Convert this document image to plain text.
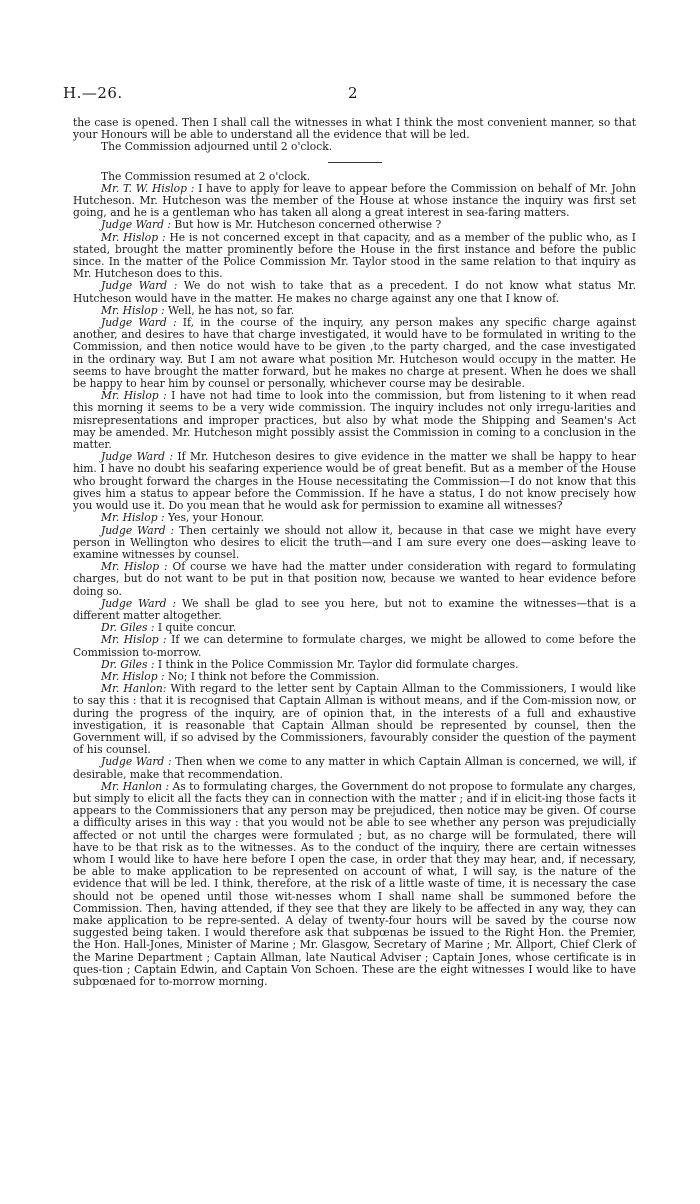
H.—26.	2

the case is opened. Then I shall call the witnesses in what I think the most convenient manner, so that your Honours will be able to understand all the evidence that will be led.

The Commission adjourned until 2 o'clock.

The Commission resumed at 2 o'clock.

Mr. T. W. Hislop : I have to apply for leave to appear before the Commission on behalf of Mr. John Hutcheson. Mr. Hutcheson was the member of the House at whose instance the inquiry was first set going, and he is a gentleman who has taken all along a great interest in sea-faring matters.

Judge Ward : But how is Mr. Hutcheson concerned otherwise ?

Mr. Hislop : He is not concerned except in that capacity, and as a member of the public who, as I stated, brought the matter prominently before the House in the first instance and before the public since. In the matter of the Police Commission Mr. Taylor stood in the same relation to that inquiry as Mr. Hutcheson does to this.

Judge Ward : We do not wish to take that as a precedent. I do not know what status Mr. Hutcheson would have in the matter. He makes no charge against any one that I know of.

Mr. Hislop : Well, he has not, so far.

Judge Ward : If, in the course of the inquiry, any person makes any specific charge against another, and desires to have that charge investigated, it would have to be formulated in writing to the Commission, and then notice would have to be given ,to the party charged, and the case investigated in the ordinary way. But I am not aware what position Mr. Hutcheson would occupy in the matter. He seems to have brought the matter forward, but he makes no charge at present. When he does we shall be happy to hear him by counsel or personally, whichever course may be desirable.

Mr. Hislop : I have not had time to look into the commission, but from listening to it when read this morning it seems to be a very wide commission. The inquiry includes not only irregu-larities and misrepresentations and improper practices, but also by what mode the Shipping and Seamen's Act may be amended. Mr. Hutcheson might possibly assist the Commission in coming to a conclusion in the matter.

Judge Ward : If Mr. Hutcheson desires to give evidence in the matter we shall be happy to hear him. I have no doubt his seafaring experience would be of great benefit. But as a member of the House who brought forward the charges in the House necessitating the Commission—I do not know that this gives him a status to appear before the Commission. If he have a status, I do not know precisely how you would use it. Do you mean that he would ask for permission to examine all witnesses?

Mr. Hislop : Yes, your Honour.

Judge Ward : Then certainly we should not allow it, because in that case we might have every person in Wellington who desires to elicit the truth—and I am sure every one does—asking leave to examine witnesses by counsel.

Mr. Hislop : Of course we have had the matter under consideration with regard to formulating charges, but do not want to be put in that position now, because we wanted to hear evidence before doing so.

Judge Ward : We shall be glad to see you here, but not to examine the witnesses—that is a different matter altogether.

Dr. Giles : I quite concur.

Mr. Hislop : If we can determine to formulate charges, we might be allowed to come before the Commission to-morrow.

Dr. Giles : I think in the Police Commission Mr. Taylor did formulate charges.

Mr. Hislop : No; I think not before the Commission.

Mr. Hanlon: With regard to the letter sent by Captain Allman to the Commissioners, I would like to say this : that it is recognised that Captain Allman is without means, and if the Com-mission now, or during the progress of the inquiry, are of opinion that, in the interests of a full and exhaustive investigation, it is reasonable that Captain Allman should be represented by counsel, then the Government will, if so advised by the Commissioners, favourably consider the question of the payment of his counsel.

Judge Ward : Then when we come to any matter in which Captain Allman is concerned, we will, if desirable, make that recommendation.

Mr. Hanlon : As to formulating charges, the Government do not propose to formulate any charges, but simply to elicit all the facts they can in connection with the matter ; and if in elicit-ing those facts it appears to the Commissioners that any person may be prejudiced, then notice may be given. Of course a difficulty arises in this way : that you would not be able to see whether any person was prejudicially affected or not until the charges were formulated ; but, as no charge will be formulated, there will have to be that risk as to the witnesses. As to the conduct of the inquiry, there are certain witnesses whom I would like to have here before I open the case, in order that they may hear, and, if necessary, be able to make application to be represented on account of what, I will say, is the nature of the evidence that will be led. I think, therefore, at the risk of a little waste of time, it is necessary the case should not be opened until those wit-nesses whom I shall name shall be summoned before the Commission. Then, having attended, if they see that they are likely to be affected in any way, they can make application to be repre-sented. A delay of twenty-four hours will be saved by the course now suggested being taken. I would therefore ask that subpœnas be issued to the Right Hon. the Premier, the Hon. Hall-Jones, Minister of Marine ; Mr. Glasgow, Secretary of Marine ; Mr. Allport, Chief Clerk of the Marine Department ; Captain Allman, late Nautical Adviser ; Captain Jones, whose certificate is in ques-tion ; Captain Edwin, and Captain Von Schoen. These are the eight witnesses I would like to have subpœnaed for to-morrow morning.
